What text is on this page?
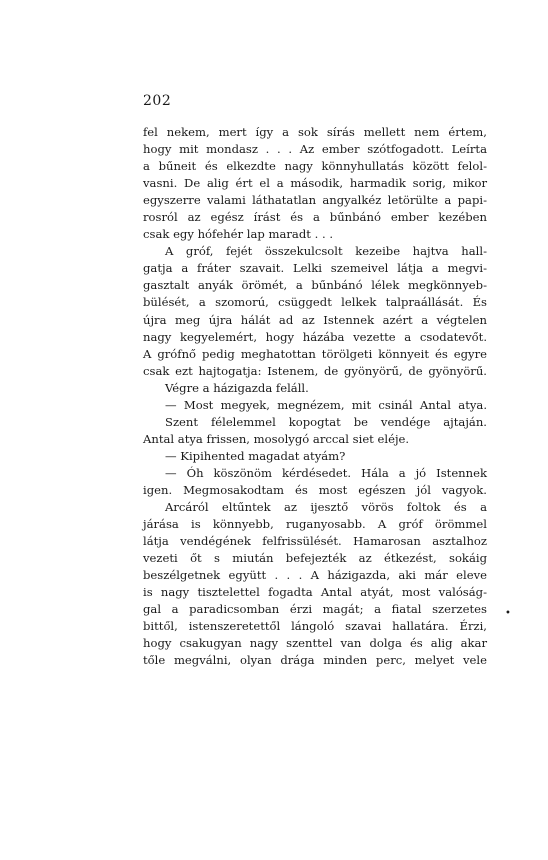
202
fel nekem, mert így a sok sírás mellett nem értem,
hogy mit mondasz . . . Az ember szótfogadott. Leírta
a bűneit és elkezdte nagy könnyhullatás között felol-
vasni. De alig ért el a második, harmadik sorig, mikor
egyszerre valami láthatatlan angyalkéz letörülte a papi-
rosról az egész írást és a bűnbánó ember kezében
csak egy hófehér lap maradt . . .
A gróf, fejét összekulcsolt kezeibe hajtva hall-
gatja a fráter szavait. Lelki szemeivel látja a megvi-
gasztalt anyák örömét, a bűnbánó lélek megkönnyeb-
bülését, a szomorú, csüggedt lelkek talpraállását. És
újra meg újra hálát ad az Istennek azért a végtelen
nagy kegyelemért, hogy házába vezette a csodatevőt.
A grófnő pedig meghatottan törölgeti könnyeit és egyre
csak ezt hajtogatja: Istenem, de gyönyörű, de gyönyörű.
Végre a házigazda feláll.
— Most megyek, megnézem, mit csinál Antal atya.
Szent félelemmel kopogtat be vendége ajtaján.
Antal atya frissen, mosolygó arccal siet eléje.
— Kipihented magadat atyám?
— Óh köszönöm kérdésedet. Hála a jó Istennek
igen. Megmosakodtam és most egészen jól vagyok.
Arcáról eltűntek az ijesztő vörös foltok és a
járása is könnyebb, ruganyosabb. A gróf örömmel
látja vendégének felfrissülését. Hamarosan asztalhoz
vezeti őt s miután befejezték az étkezést, sokáig
beszélgetnek együtt . . . A házigazda, aki már eleve
is nagy tisztelettel fogadta Antal atyát, most valóság-
gal a paradicsomban érzi magát; a fiatal szerzetes
bittől, istenszeretettől lángoló szavai hallatára. Érzi,
hogy csakugyan nagy szenttel van dolga és alig akar
tőle megválni, olyan drága minden perc, melyet vele
•
